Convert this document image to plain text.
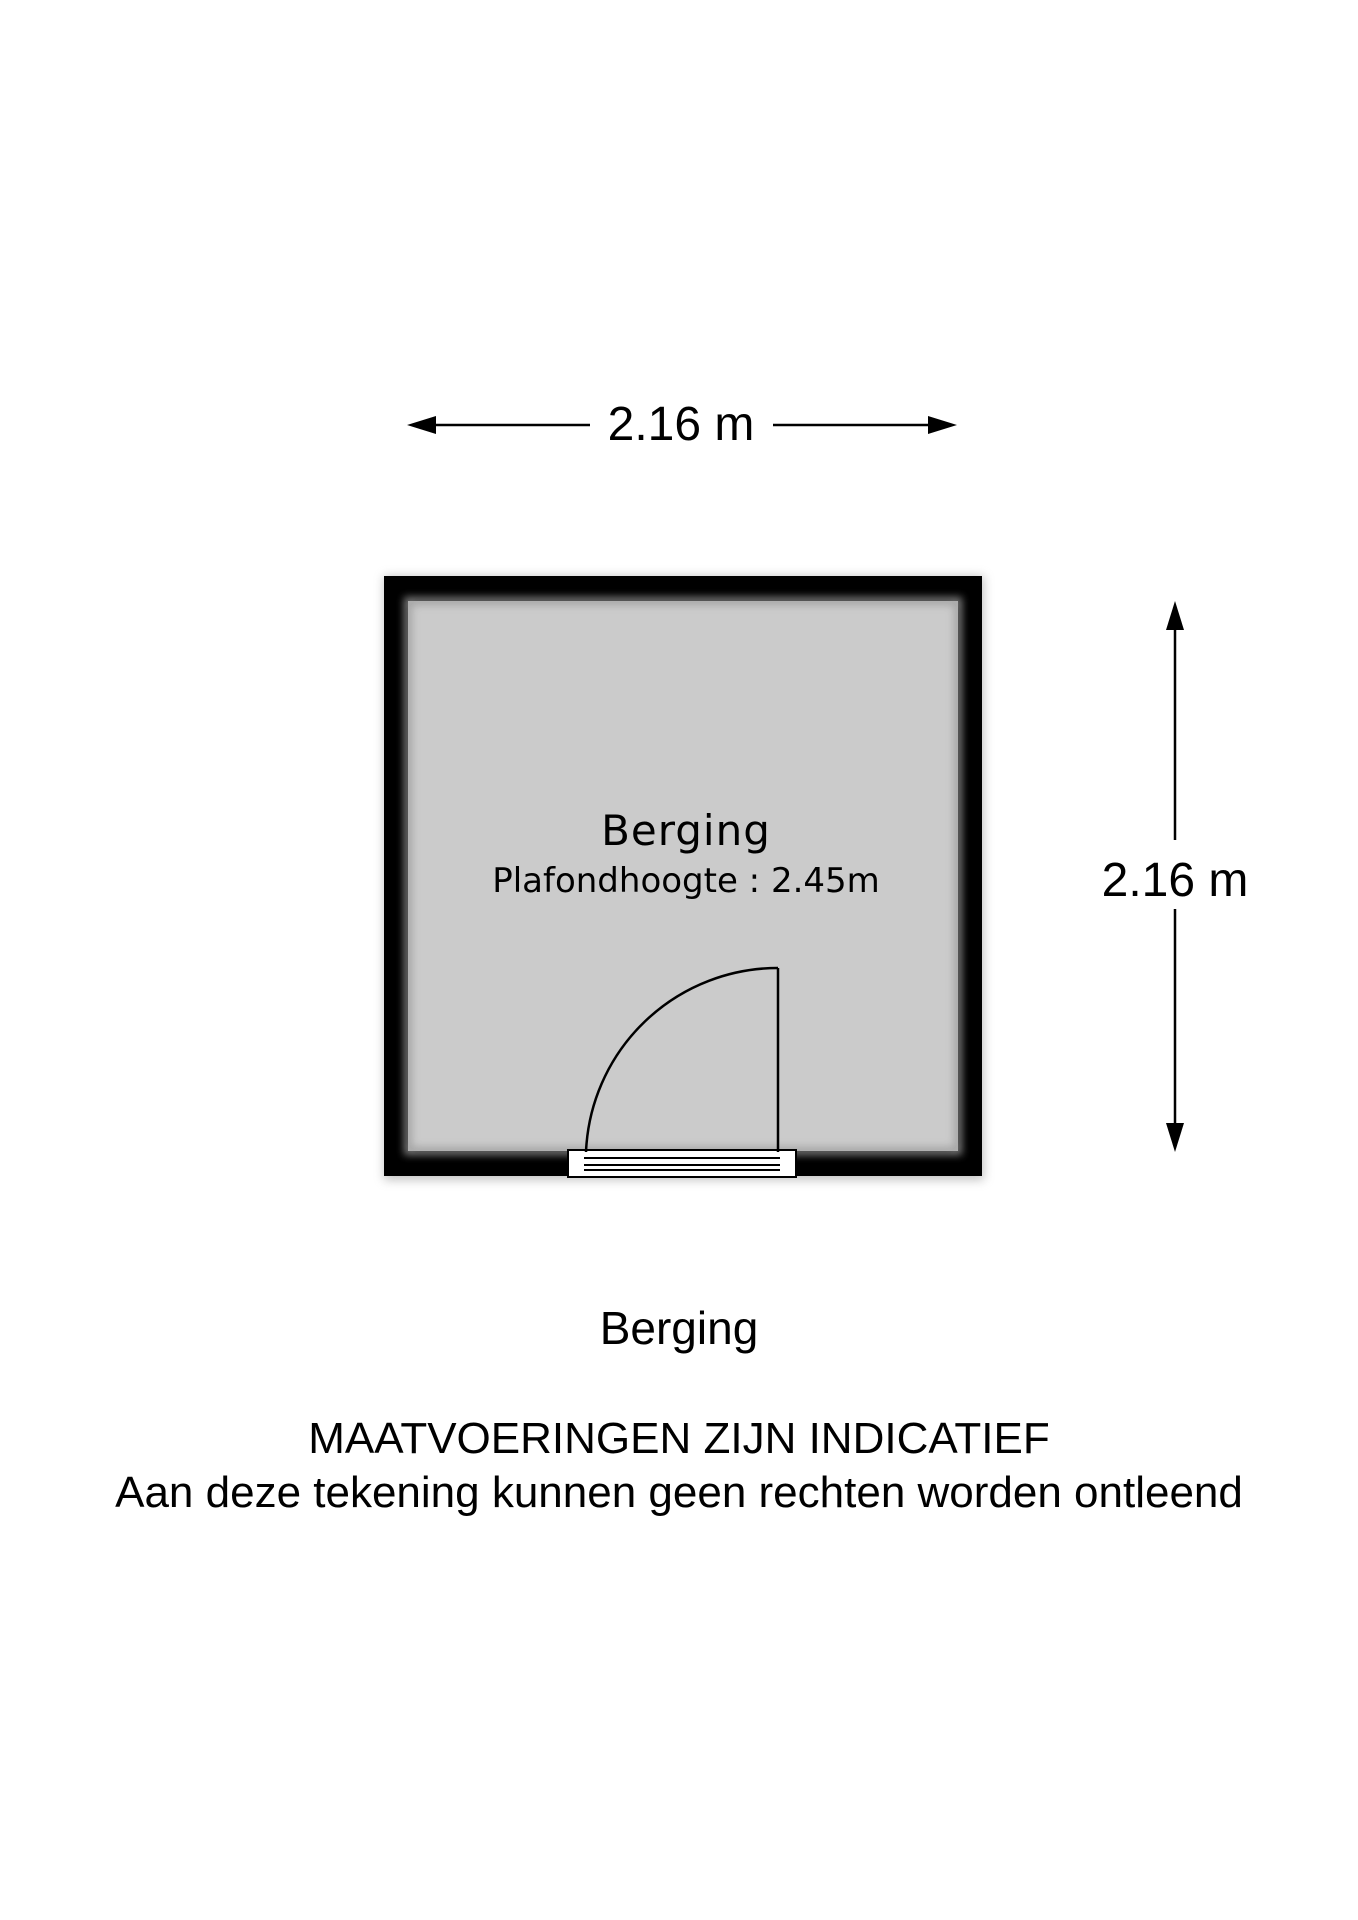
2.16 m
2.16 m
Berging
Plafondhoogte : 2.45m
Berging
MAATVOERINGEN ZIJN INDICATIEF
Aan deze tekening kunnen geen rechten worden ontleend
